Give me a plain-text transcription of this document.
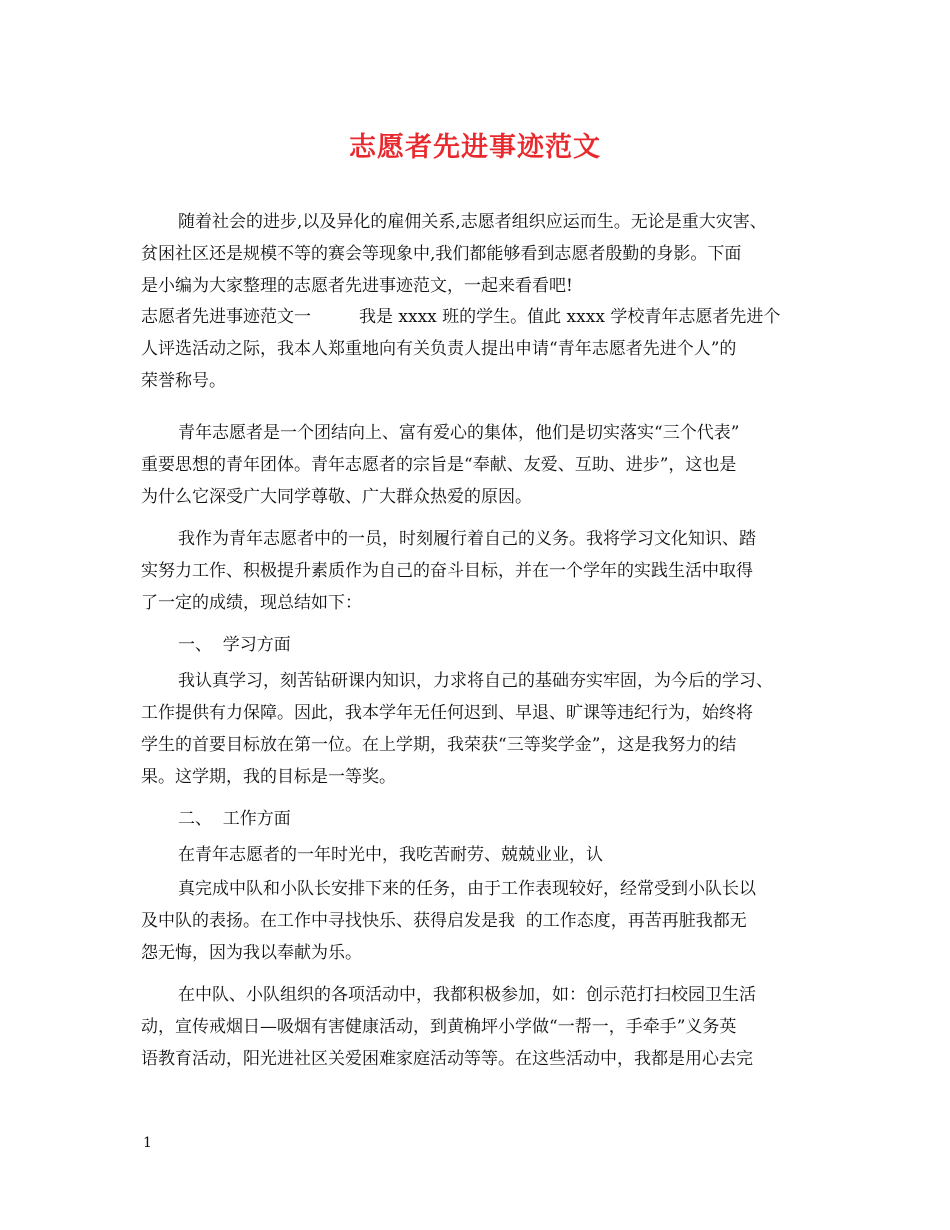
志愿者先进事迹范文
随着社会的进步,以及异化的雇佣关系,志愿者组织应运而生。无论是重大灾害、
贫困社区还是规模不等的赛会等现象中,我们都能够看到志愿者殷勤的身影。下面
是小编为大家整理的志愿者先进事迹范文，一起来看看吧!
志愿者先进事迹范文一	我是 xxxx 班的学生。值此 xxxx 学校青年志愿者先进个
人评选活动之际，我本人郑重地向有关负责人提出申请“青年志愿者先进个人”的
荣誉称号。
青年志愿者是一个团结向上、富有爱心的集体，他们是切实落实“三个代表”
重要思想的青年团体。青年志愿者的宗旨是“奉献、友爱、互助、进步”，这也是
为什么它深受广大同学尊敬、广大群众热爱的原因。
我作为青年志愿者中的一员，时刻履行着自己的义务。我将学习文化知识、踏
实努力工作、积极提升素质作为自己的奋斗目标，并在一个学年的实践生活中取得
了一定的成绩，现总结如下：
一、  学习方面
我认真学习，刻苦钻研课内知识，力求将自己的基础夯实牢固，为今后的学习、
工作提供有力保障。因此，我本学年无任何迟到、早退、旷课等违纪行为，始终将
学生的首要目标放在第一位。在上学期，我荣获“三等奖学金”，这是我努力的结
果。这学期，我的目标是一等奖。
二、  工作方面
在青年志愿者的一年时光中，我吃苦耐劳、兢兢业业，认
真完成中队和小队长安排下来的任务，由于工作表现较好，经常受到小队长以
及中队的表扬。在工作中寻找快乐、获得启发是我  的工作态度，再苦再脏我都无
怨无悔，因为我以奉献为乐。
在中队、小队组织的各项活动中，我都积极参加，如：创示范打扫校园卫生活
动，宣传戒烟日—吸烟有害健康活动，到黄桷坪小学做“一帮一，手牵手”义务英
语教育活动，阳光进社区关爱困难家庭活动等等。在这些活动中，我都是用心去完
1
